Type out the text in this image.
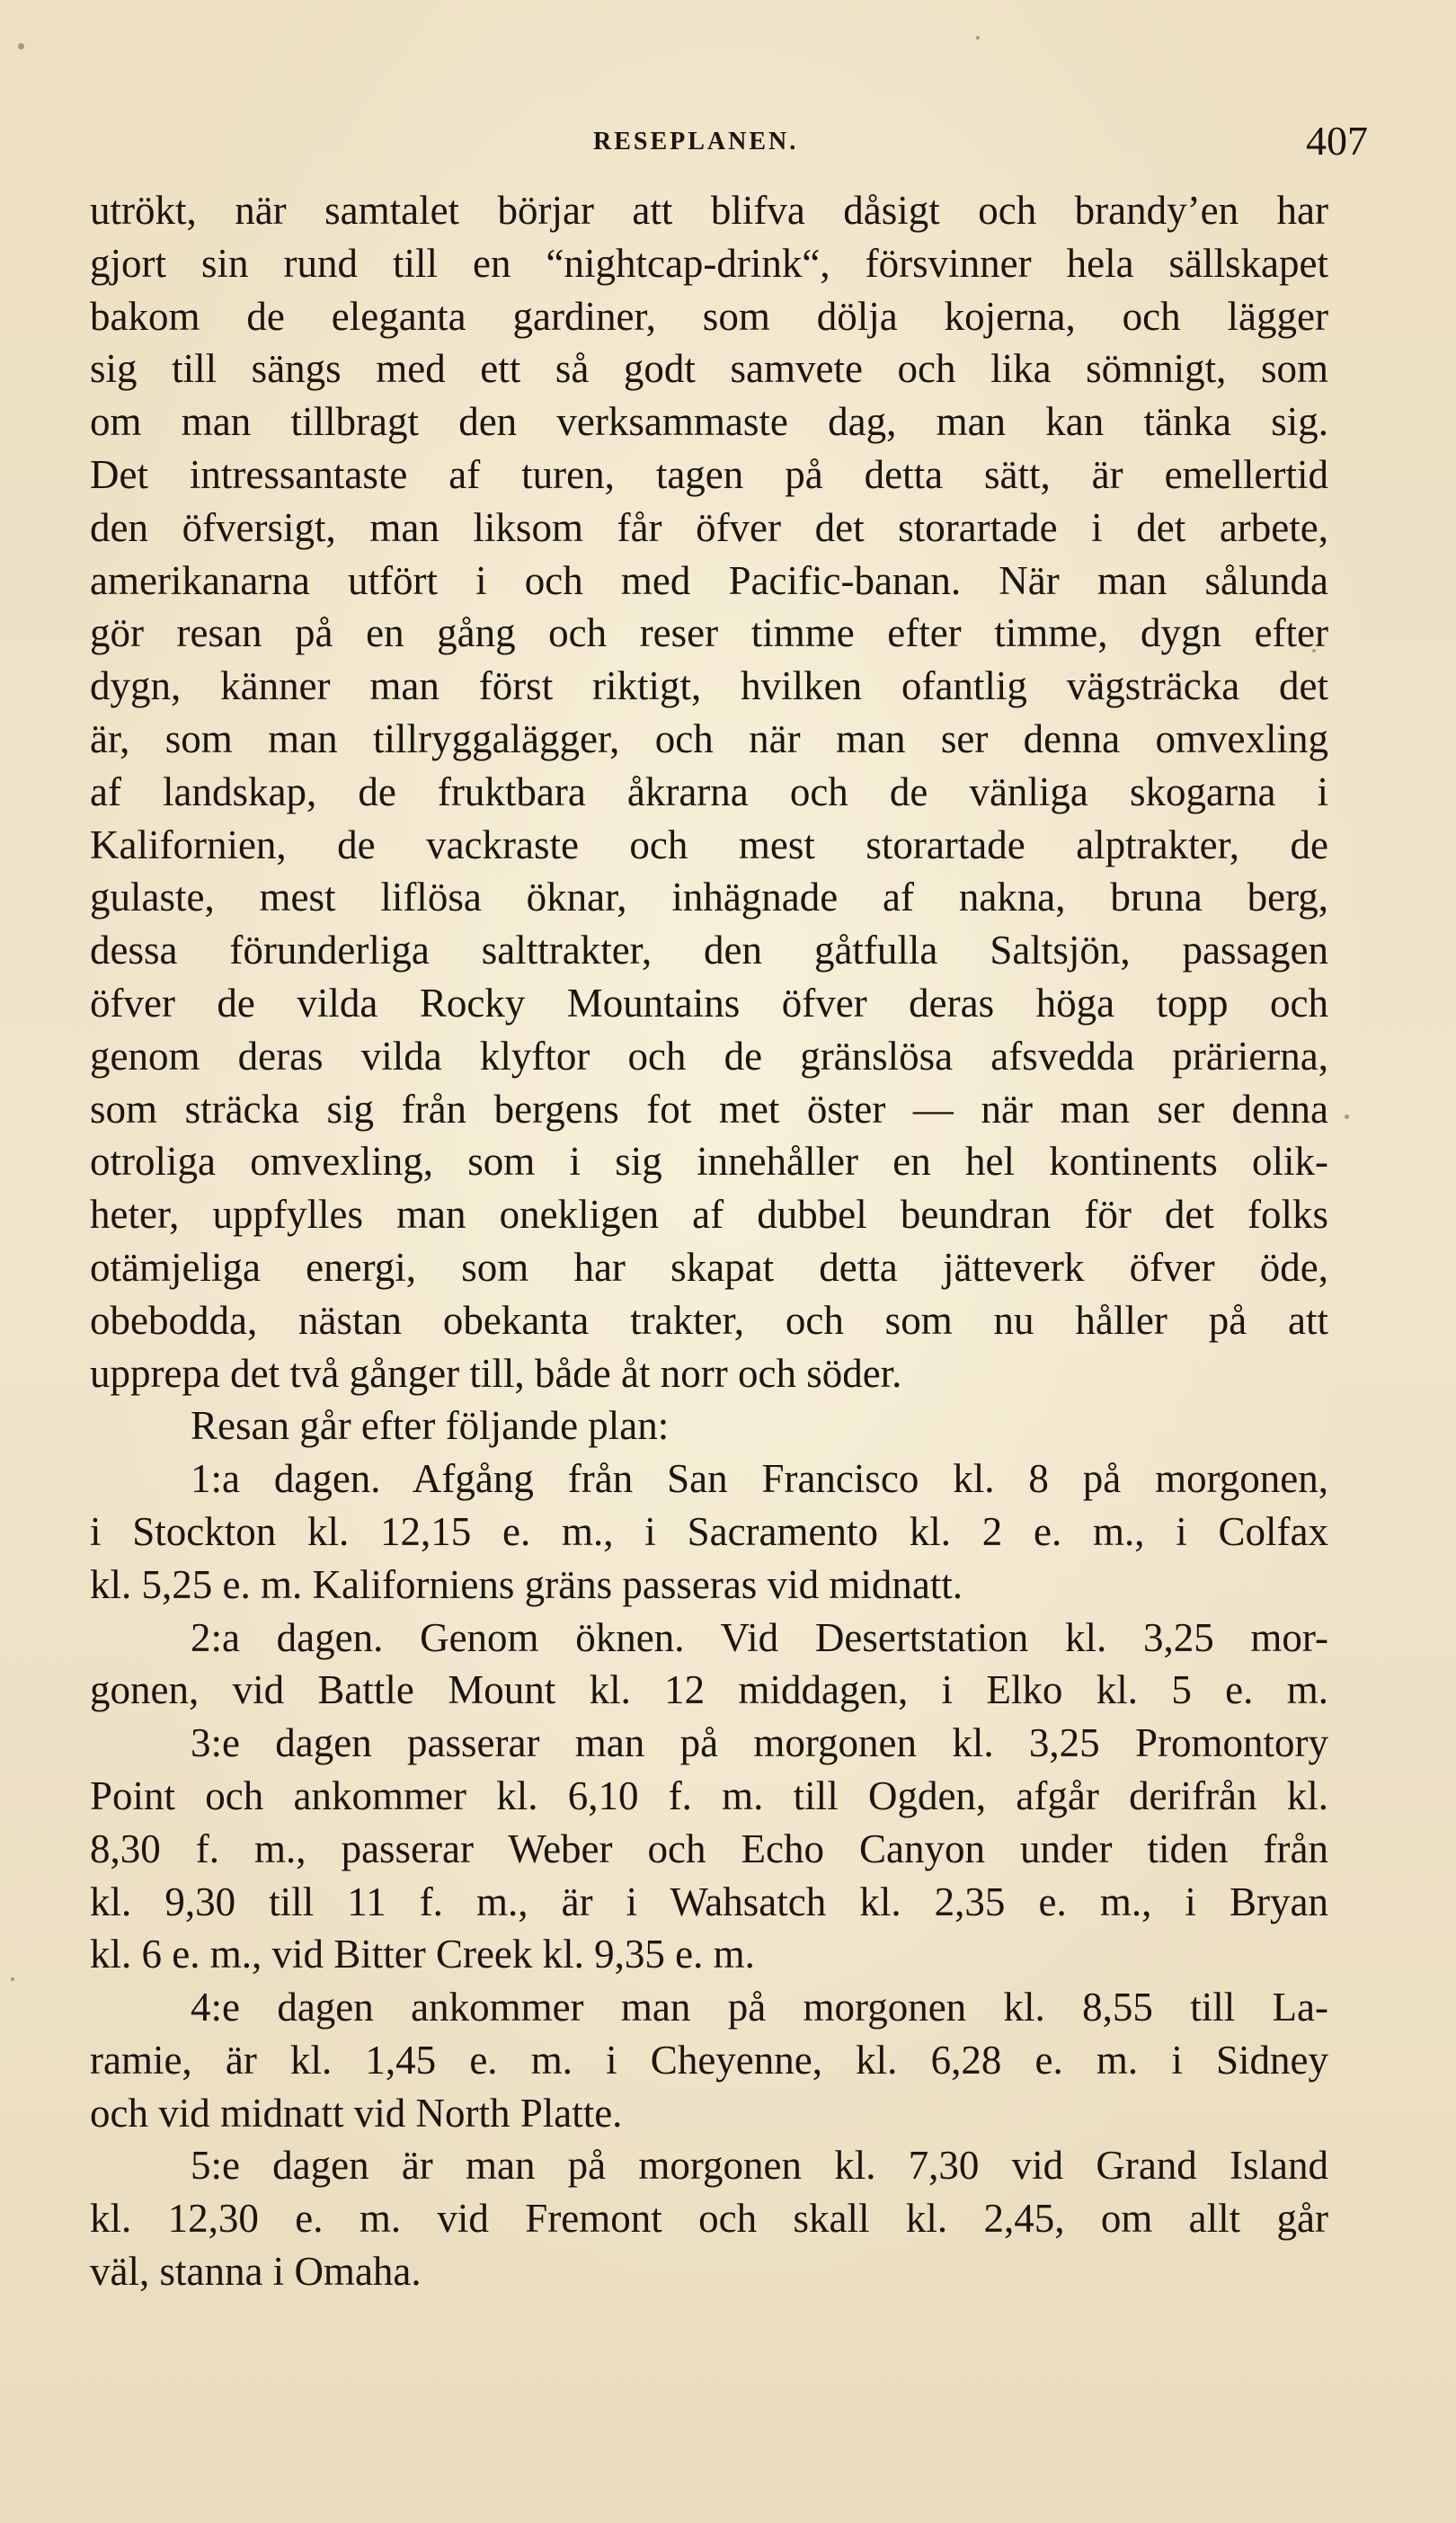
RESEPLANEN.	407
utrökt, när samtalet börjar att blifva dåsigt och brandy’en har
gjort sin rund till en “nightcap-drink“, försvinner hela sällskapet
bakom de eleganta gardiner, som dölja kojerna, och lägger
sig till sängs med ett så godt samvete och lika sömnigt, som
om man tillbragt den verksammaste dag, man kan tänka sig.
Det intressantaste af turen, tagen på detta sätt, är emellertid
den öfversigt, man liksom får öfver det storartade i det arbete,
amerikanarna utfört i och med Pacific-banan. När man sålunda
gör resan på en gång och reser timme efter timme, dygn efter
dygn, känner man först riktigt, hvilken ofantlig vägsträcka det
är, som man tillryggalägger, och när man ser denna omvexling
af landskap, de fruktbara åkrarna och de vänliga skogarna i
Kalifornien, de vackraste och mest storartade alptrakter, de
gulaste, mest liflösa öknar, inhägnade af nakna, bruna berg,
dessa förunderliga salttrakter, den gåtfulla Saltsjön, passagen
öfver de vilda Rocky Mountains öfver deras höga topp och
genom deras vilda klyftor och de gränslösa afsvedda prärierna,
som sträcka sig från bergens fot met öster — när man ser denna
otroliga omvexling, som i sig innehåller en hel kontinents olik-
heter, uppfylles man onekligen af dubbel beundran för det folks
otämjeliga energi, som har skapat detta jätteverk öfver öde,
obebodda, nästan obekanta trakter, och som nu håller på att
upprepa det två gånger till, både åt norr och söder.
Resan går efter följande plan:
1:a dagen. Afgång från San Francisco kl. 8 på morgonen,
i Stockton kl. 12,15 e. m., i Sacramento kl. 2 e. m., i Colfax
kl. 5,25 e. m. Kaliforniens gräns passeras vid midnatt.
2:a dagen. Genom öknen. Vid Desertstation kl. 3,25 mor-
gonen, vid Battle Mount kl. 12 middagen, i Elko kl. 5 e. m.
3:e dagen passerar man på morgonen kl. 3,25 Promontory
Point och ankommer kl. 6,10 f. m. till Ogden, afgår derifrån kl.
8,30 f. m., passerar Weber och Echo Canyon under tiden från
kl. 9,30 till 11 f. m., är i Wahsatch kl. 2,35 e. m., i Bryan
kl. 6 e. m., vid Bitter Creek kl. 9,35 e. m.
4:e dagen ankommer man på morgonen kl. 8,55 till La-
ramie, är kl. 1,45 e. m. i Cheyenne, kl. 6,28 e. m. i Sidney
och vid midnatt vid North Platte.
5:e dagen är man på morgonen kl. 7,30 vid Grand Island
kl. 12,30 e. m. vid Fremont och skall kl. 2,45, om allt går
väl, stanna i Omaha.
